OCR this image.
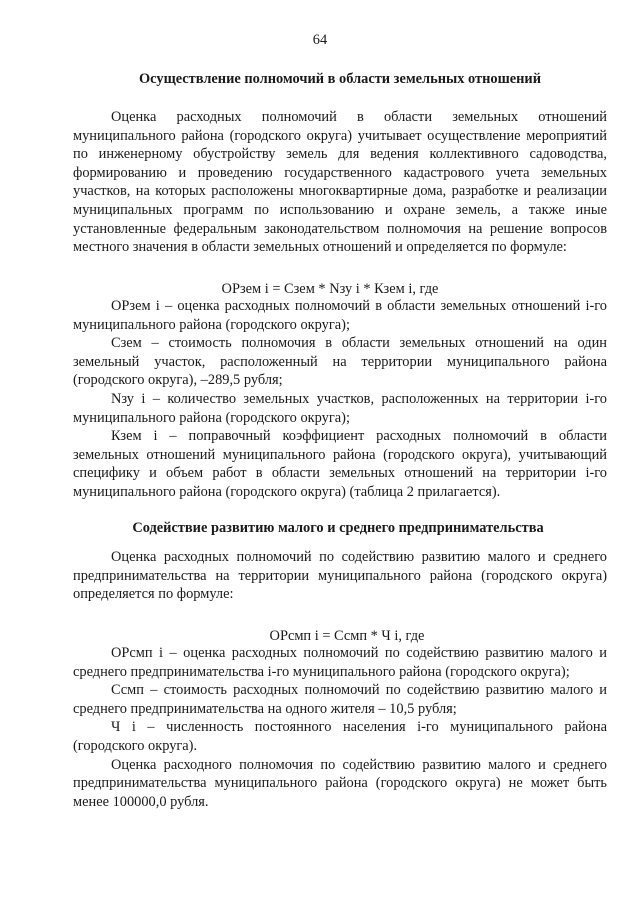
64
Осуществление полномочий в области земельных отношений

Оценка расходных полномочий в области земельных отношений муниципального района (городского округа) учитывает осуществление мероприятий по инженерному обустройству земель для ведения коллективного садоводства, формированию и проведению государственного кадастрового учета земельных участков, на которых расположены многоквартирные дома, разработке и реализации муниципальных программ по использованию и охране земель, а также иные установленные федеральным законодательством полномочия на решение вопросов местного значения в области земельных отношений и определяется по формуле:

ОРзем i = Сзем * Nзу i * Кзем i, где

ОРзем i – оценка расходных полномочий в области земельных отношений i-го муниципального района (городского округа);

Сзем – стоимость полномочия в области земельных отношений на один земельный участок, расположенный на территории муниципального района (городского округа), –289,5 рубля;

Nзу i – количество земельных участков, расположенных на территории i-го муниципального района (городского округа);

Кзем i – поправочный коэффициент расходных полномочий в области земельных отношений муниципального района (городского округа), учитывающий специфику и объем работ в области земельных отношений на территории i-го муниципального района (городского округа) (таблица 2 прилагается).

Содействие развитию малого и среднего предпринимательства

Оценка расходных полномочий по содействию развитию малого и среднего предпринимательства на территории муниципального района (городского округа) определяется по формуле:

ОРсмп i = Ссмп * Ч i, где

ОРсмп i – оценка расходных полномочий по содействию развитию малого и среднего предпринимательства i-го муниципального района (городского округа);

Ссмп – стоимость расходных полномочий по содействию развитию малого и среднего предпринимательства на одного жителя – 10,5 рубля;

Ч i – численность постоянного населения i-го муниципального района (городского округа).

Оценка расходного полномочия по содействию развитию малого и среднего предпринимательства муниципального района (городского округа) не может быть менее 100000,0 рубля.
